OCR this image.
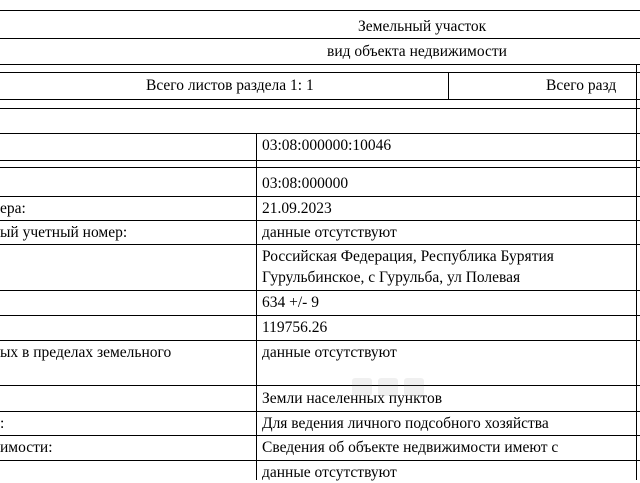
Земельный участок
вид объекта недвижимости
Всего листов раздела 1: 1	Всего разд
ера:
ый учетный номер:
ых в пределах земельного
:
имости:
03:08:000000:10046
03:08:000000
21.09.2023
данные отсутствуют
Российская Федерация, Республика Бурятия
Гурульбинское, с Гурульба, ул Полевая
634 +/- 9
119756.26
данные отсутствуют
Земли населенных пунктов
Для ведения личного подсобного хозяйства
Сведения об объекте недвижимости имеют с
данные отсутствуют
